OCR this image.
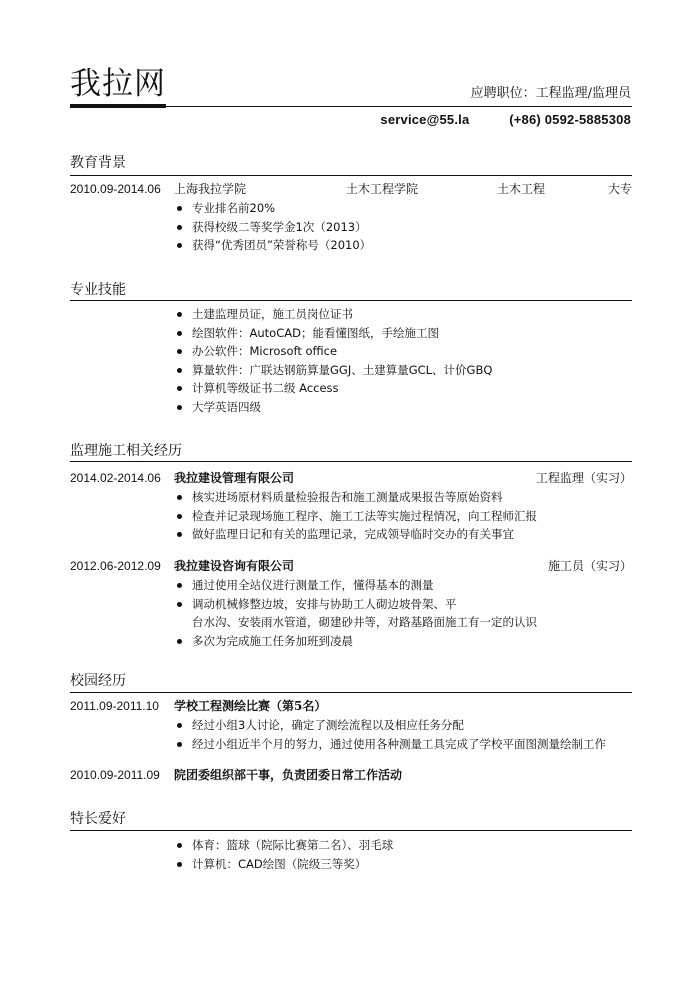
我拉网	应聘职位：工程监理/监理员
service@55.la	(+86) 0592-5885308
教育背景
2010.09-2014.06 上海我拉学院	土木工程学院	土木工程	大专
专业排名前20%
获得校级二等奖学金1次（2013）
获得“优秀团员”荣誉称号（2010）
专业技能
土建监理员证，施工员岗位证书
绘图软件：AutoCAD；能看懂图纸，手绘施工图
办公软件：Microsoft office
算量软件：广联达钢筋算量GGJ、土建算量GCL、计价GBQ
计算机等级证书二级 Access
大学英语四级
监理施工相关经历
2014.02-2014.06 我拉建设管理有限公司	工程监理（实习）
核实进场原材料质量检验报告和施工测量成果报告等原始资料
检查并记录现场施工程序、施工工法等实施过程情况，向工程师汇报
做好监理日记和有关的监理记录，完成领导临时交办的有关事宜
2012.06-2012.09 我拉建设咨询有限公司	施工员（实习）
通过使用全站仪进行测量工作，懂得基本的测量
调动机械修整边坡，安排与协助工人砌边坡骨架、平
台水沟、安装雨水管道，砌建砂井等，对路基路面施工有一定的认识
多次为完成施工任务加班到凌晨
校园经历
2011.09-2011.10 学校工程测绘比赛（第5名）
经过小组3人讨论，确定了测绘流程以及相应任务分配
经过小组近半个月的努力，通过使用各种测量工具完成了学校平面图测量绘制工作
2010.09-2011.09 院团委组织部干事，负责团委日常工作活动
特长爱好
体育：篮球（院际比赛第二名）、羽毛球
计算机：CAD绘图（院级三等奖）
